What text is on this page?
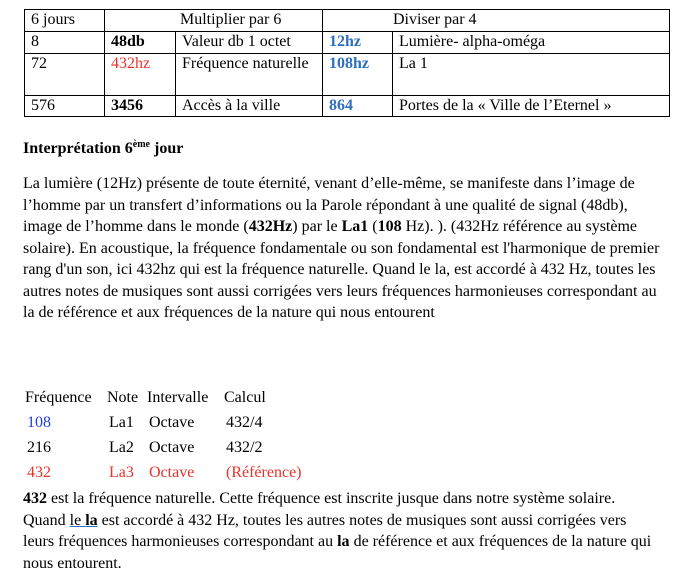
6 jours	Multiplier par 6		Diviser par 4	
8	48db	Valeur db 1 octet	12hz	Lumière- alpha-oméga
72	432hz	Fréquence naturelle	108hz	La 1
576	3456	Accès à la ville	864	Portes de la « Ville de l’Eternel »
Interprétation 6ème jour

La lumière (12Hz) présente de toute éternité, venant d’elle-même, se manifeste dans l’image de l’homme par un transfert d’informations ou la Parole répondant à une qualité de signal (48db), image de l’homme dans le monde (432Hz) par le La1 (108 Hz). ). (432Hz référence au système solaire). En acoustique, la fréquence fondamentale ou son fondamental est l'harmonique de premier rang d'un son, ici 432hz qui est la fréquence naturelle. Quand le la, est accordé à 432 Hz, toutes les autres notes de musiques sont aussi corrigées vers leurs fréquences harmonieuses correspondant au la de référence et aux fréquences de la nature qui nous entourent

Fréquence Note Intervalle Calcul
108	La1 Octave	432/4
216	La2 Octave	432/2
432	La3 Octave	(Référence)

432 est la fréquence naturelle. Cette fréquence est inscrite jusque dans notre système solaire. Quand le la est accordé à 432 Hz, toutes les autres notes de musiques sont aussi corrigées vers leurs fréquences harmonieuses correspondant au la de référence et aux fréquences de la nature qui nous entourent.
